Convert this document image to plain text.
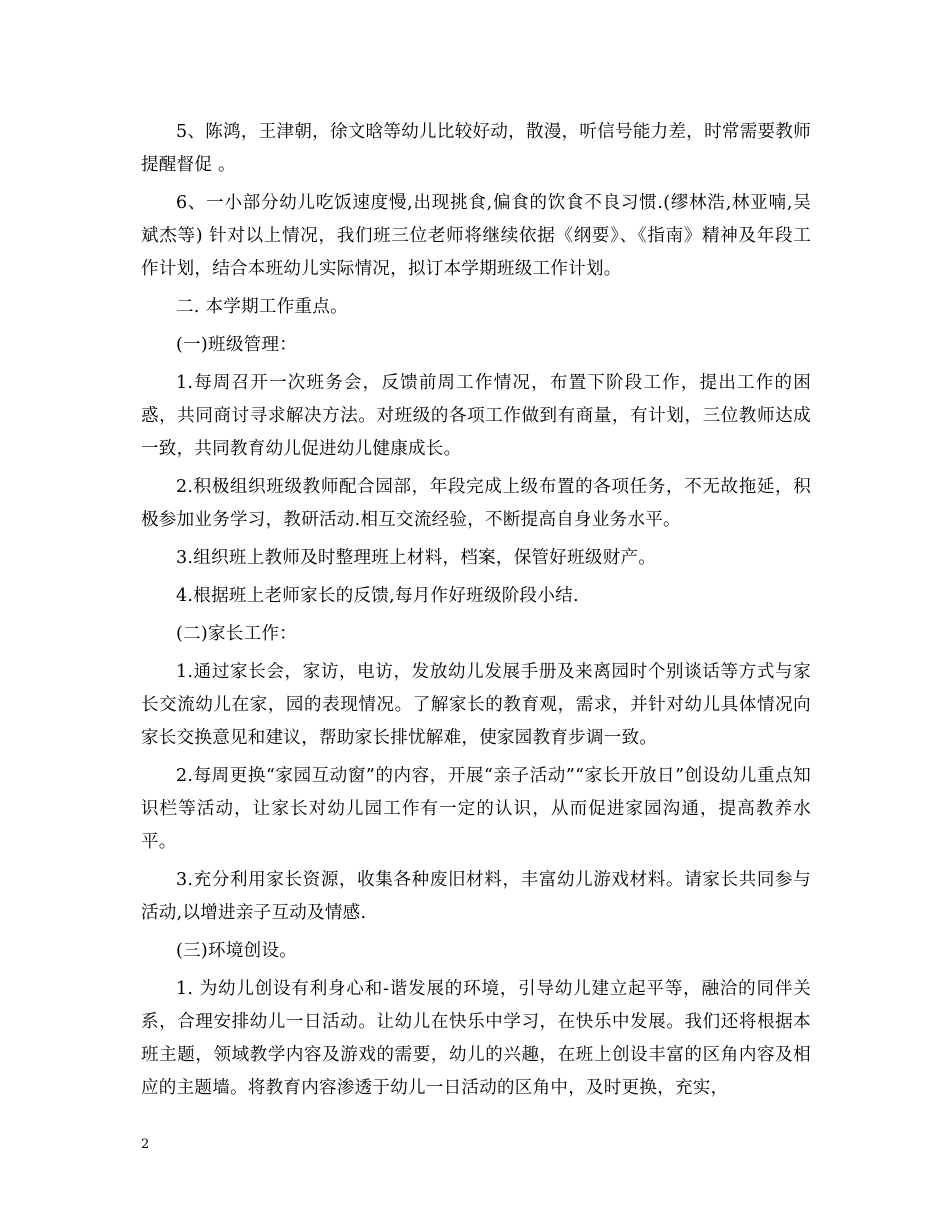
5、陈鸿，王津朝，徐文晗等幼儿比较好动，散漫，听信号能力差，时常需要教师提醒督促 。

6、一小部分幼儿吃饭速度慢,出现挑食,偏食的饮食不良习惯.(缪林浩,林亚喃,吴斌杰等) 针对以上情况，我们班三位老师将继续依据《纲要》、《指南》精神及年段工作计划，结合本班幼儿实际情况，拟订本学期班级工作计划。

二. 本学期工作重点。

(一)班级管理：

1.每周召开一次班务会，反馈前周工作情况，布置下阶段工作，提出工作的困惑，共同商讨寻求解决方法。对班级的各项工作做到有商量，有计划，三位教师达成一致，共同教育幼儿促进幼儿健康成长。

2.积极组织班级教师配合园部，年段完成上级布置的各项任务，不无故拖延，积极参加业务学习，教研活动.相互交流经验，不断提高自身业务水平。

3.组织班上教师及时整理班上材料，档案，保管好班级财产。

4.根据班上老师家长的反馈,每月作好班级阶段小结.

(二)家长工作：

1.通过家长会，家访，电访，发放幼儿发展手册及来离园时个别谈话等方式与家长交流幼儿在家，园的表现情况。了解家长的教育观，需求，并针对幼儿具体情况向家长交换意见和建议，帮助家长排忧解难，使家园教育步调一致。

2.每周更换“家园互动窗”的内容，开展“亲子活动”“家长开放日”创设幼儿重点知识栏等活动，让家长对幼儿园工作有一定的认识，从而促进家园沟通，提高教养水平。

3.充分利用家长资源，收集各种废旧材料，丰富幼儿游戏材料。请家长共同参与活动,以增进亲子互动及情感.

(三)环境创设。

1. 为幼儿创设有利身心和-谐发展的环境，引导幼儿建立起平等，融洽的同伴关系，合理安排幼儿一日活动。让幼儿在快乐中学习，在快乐中发展。我们还将根据本班主题，领域教学内容及游戏的需要，幼儿的兴趣，在班上创设丰富的区角内容及相应的主题墙。将教育内容渗透于幼儿一日活动的区角中，及时更换，充实，

2
